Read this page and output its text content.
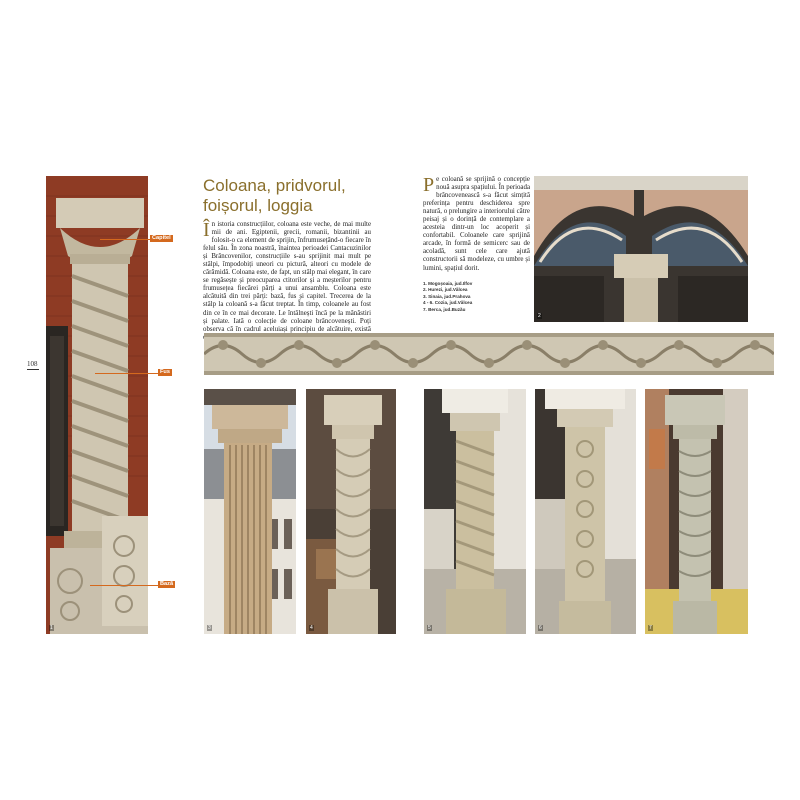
108
1
Capitel
Fus
Bază
Coloana, pridvorul, foișorul, loggia
În istoria construcțiilor, coloana este veche, de mai multe mii de ani. Egiptenii, grecii, romanii, bizantinii au folosit-o ca element de sprijin, înfrumusețând-o fiecare în felul său. În zona noastră, înaintea perioadei Cantacuzinilor și Brâncovenilor, construcțiile s-au sprijinit mai mult pe stâlpi, împodobiți uneori cu pictură, alteori cu modele de cărămidă. Coloana este, de fapt, un stâlp mai elegant, în care se regăsește și preocuparea ctitorilor și a meșterilor pentru frumusețea fiecărei părți a unui ansamblu. Coloana este alcătuită din trei părți: bază, fus și capitel. Trecerea de la stâlp la coloană s-a făcut treptat. În timp, coloanele au fost din ce în ce mai decorate. Le întâlnești încă pe la mănăstiri și palate. Iată o colecție de coloane brâncovenești. Poți observa că în cadrul aceluiași principiu de alcătuire, există
Pe coloană se sprijină o concepție nouă asupra spațiului. În perioada brâncovenească s-a făcut simțită preferința pentru deschiderea spre natură, o prelungire a interiorului către peisaj și o dorință de contemplare a acesteia dintr-un loc acoperit și confortabil. Coloanele care sprijină arcade, în formă de semicerc sau de acoladă, sunt cele care ajută constructorii să modeleze, cu umbre și lumini, spațiul dorit.
1. Mogoșoaia, jud.Ilfov
2. Hurezi, jud.Vâlcea
3. Sinaia, jud.Prahova
4 - 6. Cozia, jud.Vâlcea
7. Berca, jud.Buzău
2
3	4	5	6	7
